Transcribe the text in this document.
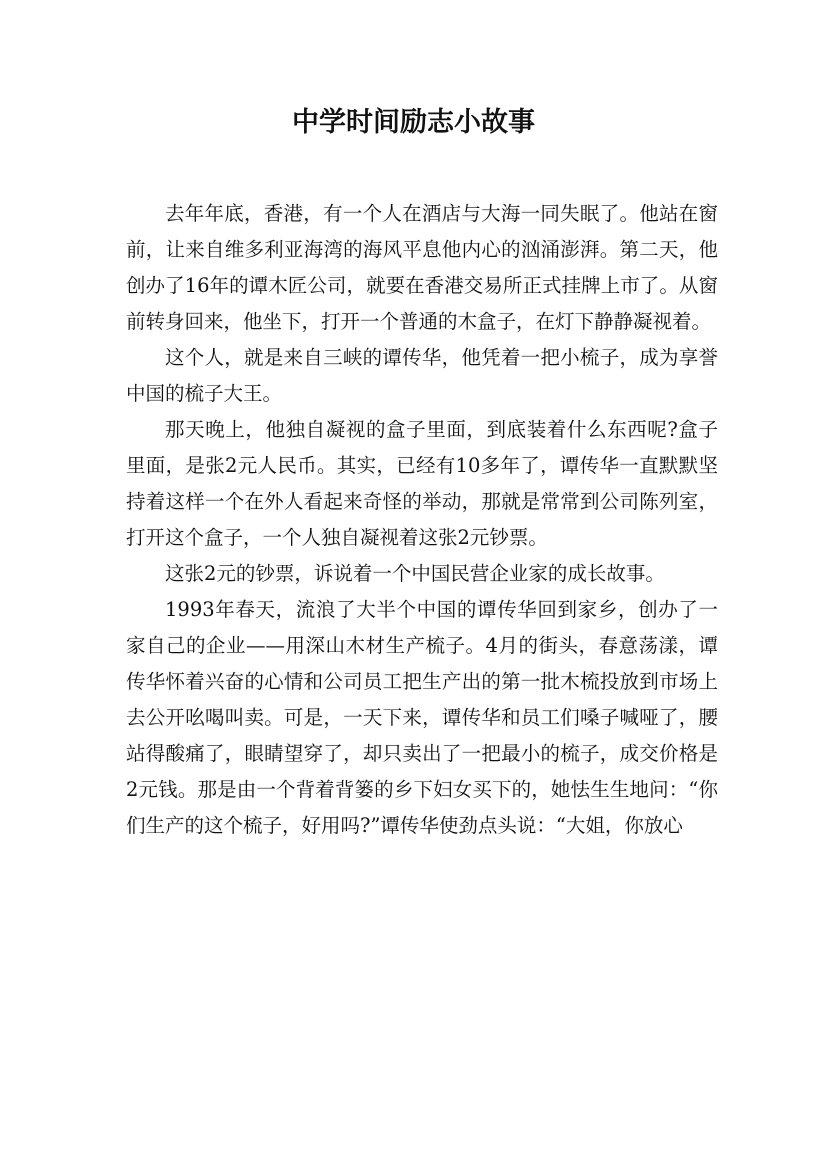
中学时间励志小故事

去年年底，香港，有一个人在酒店与大海一同失眠了。他站在窗前，让来自维多利亚海湾的海风平息他内心的汹涌澎湃。第二天，他创办了16年的谭木匠公司，就要在香港交易所正式挂牌上市了。从窗前转身回来，他坐下，打开一个普通的木盒子，在灯下静静凝视着。

这个人，就是来自三峡的谭传华，他凭着一把小梳子，成为享誉中国的梳子大王。

那天晚上，他独自凝视的盒子里面，到底装着什么东西呢?盒子里面，是张2元人民币。其实，已经有10多年了，谭传华一直默默坚持着这样一个在外人看起来奇怪的举动，那就是常常到公司陈列室，打开这个盒子，一个人独自凝视着这张2元钞票。

这张2元的钞票，诉说着一个中国民营企业家的成长故事。

1993年春天，流浪了大半个中国的谭传华回到家乡，创办了一家自己的企业——用深山木材生产梳子。4月的街头，春意荡漾，谭传华怀着兴奋的心情和公司员工把生产出的第一批木梳投放到市场上去公开吆喝叫卖。可是，一天下来，谭传华和员工们嗓子喊哑了，腰站得酸痛了，眼睛望穿了，却只卖出了一把最小的梳子，成交价格是2元钱。那是由一个背着背篓的乡下妇女买下的，她怯生生地问：“你们生产的这个梳子，好用吗?”谭传华使劲点头说：“大姐，你放心
